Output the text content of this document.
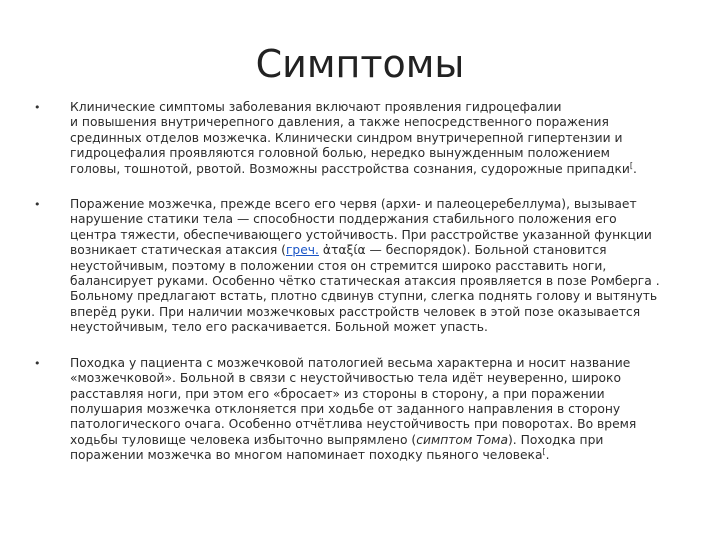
Симптомы
•	Клинические симптомы заболевания включают проявления гидроцефалии
и повышения внутричерепного давления, а также непосредственного поражения
срединных отделов мозжечка. Клинически синдром внутричерепной гипертензии и
гидроцефалия проявляются головной болью, нередко вынужденным положением
головы, тошнотой, рвотой. Возможны расстройства сознания, судорожные припадки[.
•	Поражение мозжечка, прежде всего его червя (архи- и палеоцеребеллума), вызывает
нарушение статики тела — способности поддержания стабильного положения его
центра тяжести, обеспечивающего устойчивость. При расстройстве указанной функции
возникает статическая атаксия (греч. ἀταξία — беспорядок). Больной становится
неустойчивым, поэтому в положении стоя он стремится широко расставить ноги,
балансирует руками. Особенно чётко статическая атаксия проявляется в позе Ромберга .
Больному предлагают встать, плотно сдвинув ступни, слегка поднять голову и вытянуть
вперёд руки. При наличии мозжечковых расстройств человек в этой позе оказывается
неустойчивым, тело его раскачивается. Больной может упасть.
•	Походка у пациента с мозжечковой патологией весьма характерна и носит название
«мозжечковой». Больной в связи с неустойчивостью тела идёт неуверенно, широко
расставляя ноги, при этом его «бросает» из стороны в сторону, а при поражении
полушария мозжечка отклоняется при ходьбе от заданного направления в сторону
патологического очага. Особенно отчётлива неустойчивость при поворотах. Во время
ходьбы туловище человека избыточно выпрямлено (симптом Тома). Походка при
поражении мозжечка во многом напоминает походку пьяного человека[.
